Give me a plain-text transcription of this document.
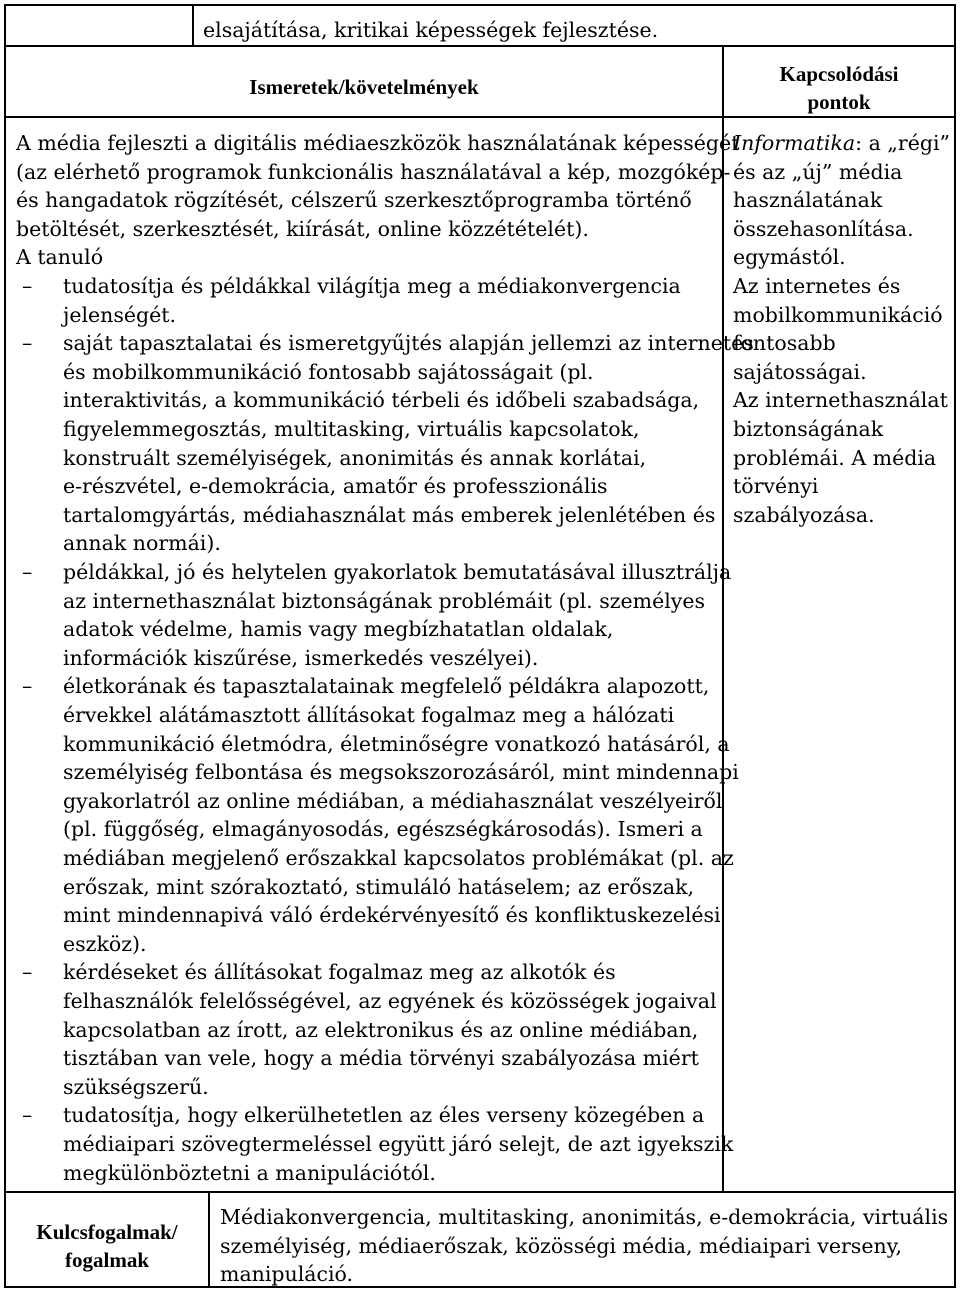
elsajátítása, kritikai képességek fejlesztése.
Ismeretek/követelmények
Kapcsolódási
pontok
A média fejleszti a digitális médiaeszközök használatának képességét
(az elérhető programok funkcionális használatával a kép, mozgókép-
és hangadatok rögzítését, célszerű szerkesztőprogramba történő
betöltését, szerkesztését, kiírását, online közzétételét).
A tanuló
– tudatosítja és példákkal világítja meg a médiakonvergencia
jelenségét.
– saját tapasztalatai és ismeretgyűjtés alapján jellemzi az internetes
és mobilkommunikáció fontosabb sajátosságait (pl.
interaktivitás, a kommunikáció térbeli és időbeli szabadsága,
figyelemmegosztás, multitasking, virtuális kapcsolatok,
konstruált személyiségek, anonimitás és annak korlátai,
e-részvétel, e-demokrácia, amatőr és professzionális
tartalomgyártás, médiahasználat más emberek jelenlétében és
annak normái).
– példákkal, jó és helytelen gyakorlatok bemutatásával illusztrálja
az internethasználat biztonságának problémáit (pl. személyes
adatok védelme, hamis vagy megbízhatatlan oldalak,
információk kiszűrése, ismerkedés veszélyei).
– életkorának és tapasztalatainak megfelelő példákra alapozott,
érvekkel alátámasztott állításokat fogalmaz meg a hálózati
kommunikáció életmódra, életminőségre vonatkozó hatásáról, a
személyiség felbontása és megsokszorozásáról, mint mindennapi
gyakorlatról az online médiában, a médiahasználat veszélyeiről
(pl. függőség, elmagányosodás, egészségkárosodás). Ismeri a
médiában megjelenő erőszakkal kapcsolatos problémákat (pl. az
erőszak, mint szórakoztató, stimuláló hatáselem; az erőszak,
mint mindennapivá váló érdekérvényesítő és konfliktuskezelési
eszköz).
– kérdéseket és állításokat fogalmaz meg az alkotók és
felhasználók felelősségével, az egyének és közösségek jogaival
kapcsolatban az írott, az elektronikus és az online médiában,
tisztában van vele, hogy a média törvényi szabályozása miért
szükségszerű.
– tudatosítja, hogy elkerülhetetlen az éles verseny közegében a
médiaipari szövegtermeléssel együtt járó selejt, de azt igyekszik
megkülönböztetni a manipulációtól.
Informatika: a „régi”
és az „új” média
használatának
összehasonlítása.
egymástól.
Az internetes és
mobilkommunikáció
fontosabb
sajátosságai.
Az internethasználat
biztonságának
problémái. A média
törvényi
szabályozása.
Kulcsfogalmak/
fogalmak
Médiakonvergencia, multitasking, anonimitás, e-demokrácia, virtuális
személyiség, médiaerőszak, közösségi média, médiaipari verseny,
manipuláció.
